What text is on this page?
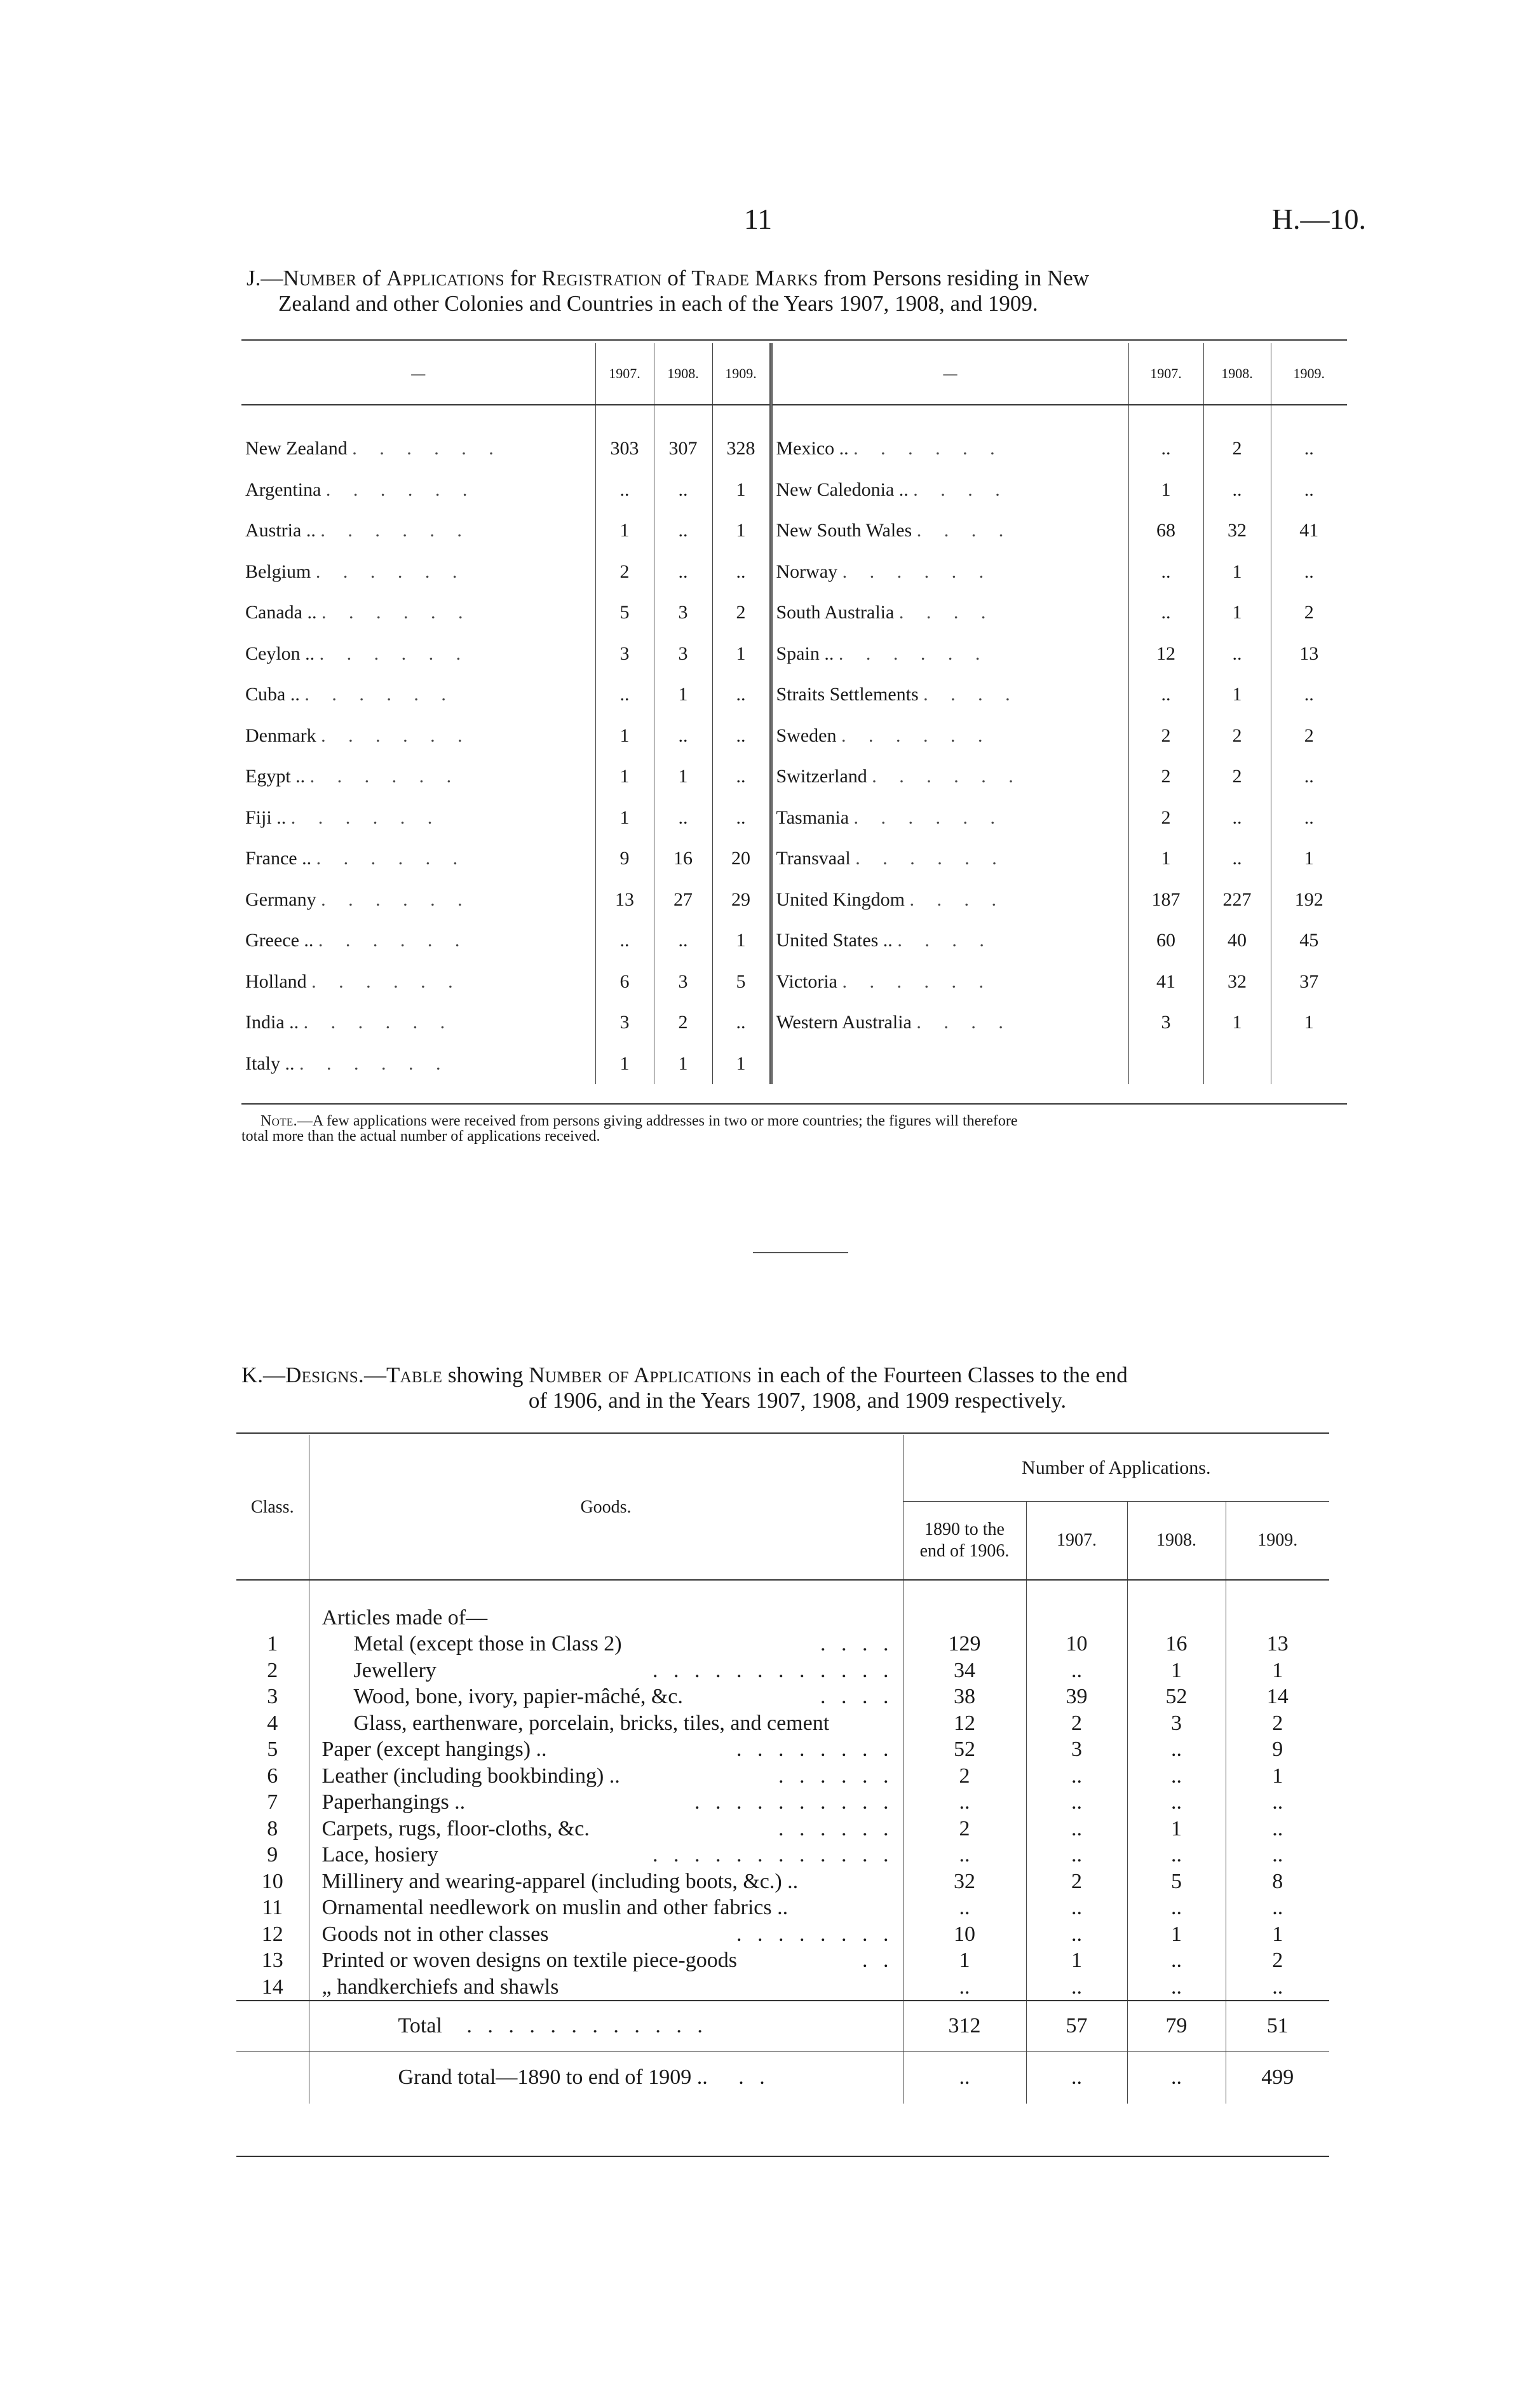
11	H.—10.
J.—Number of Applications for Registration of Trade Marks from Persons residing in New
Zealand and other Colonies and Countries in each of the Years 1907, 1908, and 1909.
—	1907.	1908.	1909.	—	1907.	1908.	1909.

New Zealand . . . . . .	303	307	328	Mexico .. . . . . . .	..	2	..
Argentina . . . . . .	..	..	1	New Caledonia .. . . . .	1	..	..
Austria .. . . . . . .	1	..	1	New South Wales . . . .	68	32	41
Belgium . . . . . .	2	..	..	Norway . . . . . .	..	1	..
Canada .. . . . . . .	5	3	2	South Australia . . . .	..	1	2
Ceylon .. . . . . . .	3	3	1	Spain .. . . . . . .	12	..	13
Cuba .. . . . . . .	..	1	..	Straits Settlements . . . .	..	1	..
Denmark . . . . . .	1	..	..	Sweden . . . . . .	2	2	2
Egypt .. . . . . . .	1	1	..	Switzerland . . . . . .	2	2	..
Fiji .. . . . . . .	1	..	..	Tasmania . . . . . .	2	..	..
France .. . . . . . .	9	16	20	Transvaal . . . . . .	1	..	1
Germany . . . . . .	13	27	29	United Kingdom . . . .	187	227	192
Greece .. . . . . . .	..	..	1	United States .. . . . .	60	40	45
Holland . . . . . .	6	3	5	Victoria . . . . . .	41	32	37
India .. . . . . . .	3	2	..	Western Australia . . . .	3	1	1
Italy .. . . . . . .	1	1	1				
Note.—A few applications were received from persons giving addresses in two or more countries; the figures will therefore
total more than the actual number of applications received.
K.—Designs.—Table showing Number of Applications in each of the Fourteen Classes to the end
of 1906, and in the Years 1907, 1908, and 1909 respectively.
Class.	Goods.	Number of Applications.			

		1890 to the
end of 1906.	1907.	1908.	1909.

	Articles made of—				
1	Metal (except those in Class 2) . . . .	129	10	16	13
2	Jewellery . . . . . . . . . . . .	34	..	1	1
3	Wood, bone, ivory, papier-mâché, &c. . . . .	38	39	52	14
4	Glass, earthenware, porcelain, bricks, tiles, and cement	12	2	3	2
5	Paper (except hangings) .. . . . . . . . .	52	3	..	9
6	Leather (including bookbinding) .. . . . . . .	2	..	..	1
7	Paperhangings .. . . . . . . . . . .	..	..	..	..
8	Carpets, rugs, floor-cloths, &c. . . . . . .	2	..	1	..
9	Lace, hosiery . . . . . . . . . . . .	..	..	..	..
10	Millinery and wearing-apparel (including boots, &c.) ..	32	2	5	8
11	Ornamental needlework on muslin and other fabrics ..	..	..	..	..
12	Goods not in other classes . . . . . . . .	10	..	1	1
13	Printed or woven designs on textile piece-goods . .	1	1	..	2
14	„ handkerchiefs and shawls	..	..	..	..
	Total . . . . . . . . . . . .	312	57	79	51
	Grand total—1890 to end of 1909 .. . .	..	..	..	499
